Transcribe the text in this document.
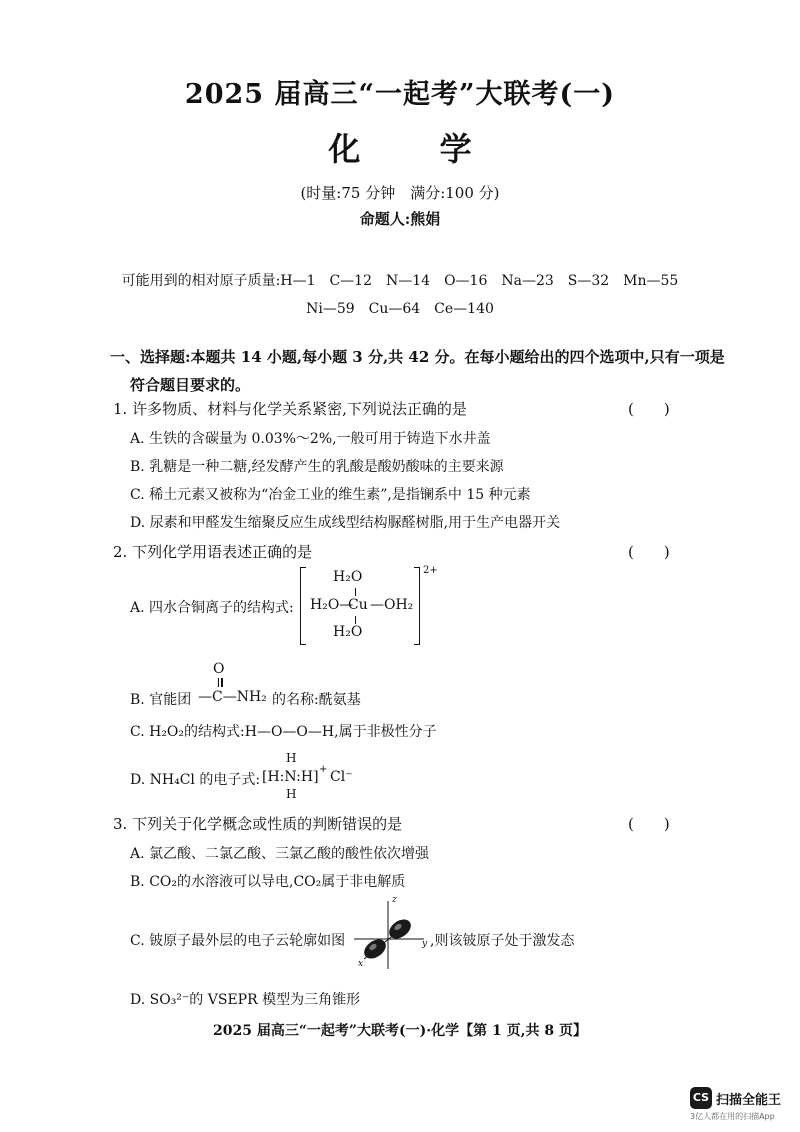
2025 届高三“一起考”大联考(一)
化 学
(时量:75 分钟　满分:100 分)
命题人:熊娟
可能用到的相对原子质量:H—1　C—12　N—14　O—16　Na—23　S—32　Mn—55
Ni—59　Cu—64　Ce—140
一、选择题:本题共 14 小题,每小题 3 分,共 42 分。在每小题给出的四个选项中,只有一项是
符合题目要求的。
1. 许多物质、材料与化学关系紧密,下列说法正确的是	(　　)
A. 生铁的含碳量为 0.03%～2%,一般可用于铸造下水井盖
B. 乳糖是一种二糖,经发酵产生的乳酸是酸奶酸味的主要来源
C. 稀土元素又被称为“冶金工业的维生素”,是指镧系中 15 种元素
D. 尿素和甲醛发生缩聚反应生成线型结构脲醛树脂,用于生产电器开关
2. 下列化学用语表述正确的是	(　　)
A. 四水合铜离子的结构式:
H₂O
H₂O—
Cu —OH₂
H₂O
2+
B. 官能团
O
—C—NH₂ 的名称:酰氨基
C. H₂O₂的结构式:H—O—O—H,属于非极性分子
D. NH₄Cl 的电子式:
H
[H:N:H] + Cl⁻
H
3. 下列关于化学概念或性质的判断错误的是	(　　)
A. 氯乙酸、二氯乙酸、三氯乙酸的酸性依次增强
B. CO₂的水溶液可以导电,CO₂属于非电解质
C. 铍原子最外层的电子云轮廓如图
z
y
x
,则该铍原子处于激发态
D. SO₃²⁻的 VSEPR 模型为三角锥形
2025 届高三“一起考”大联考(一)·化学【第 1 页,共 8 页】
CS 扫描全能王
3亿人都在用的扫描App
